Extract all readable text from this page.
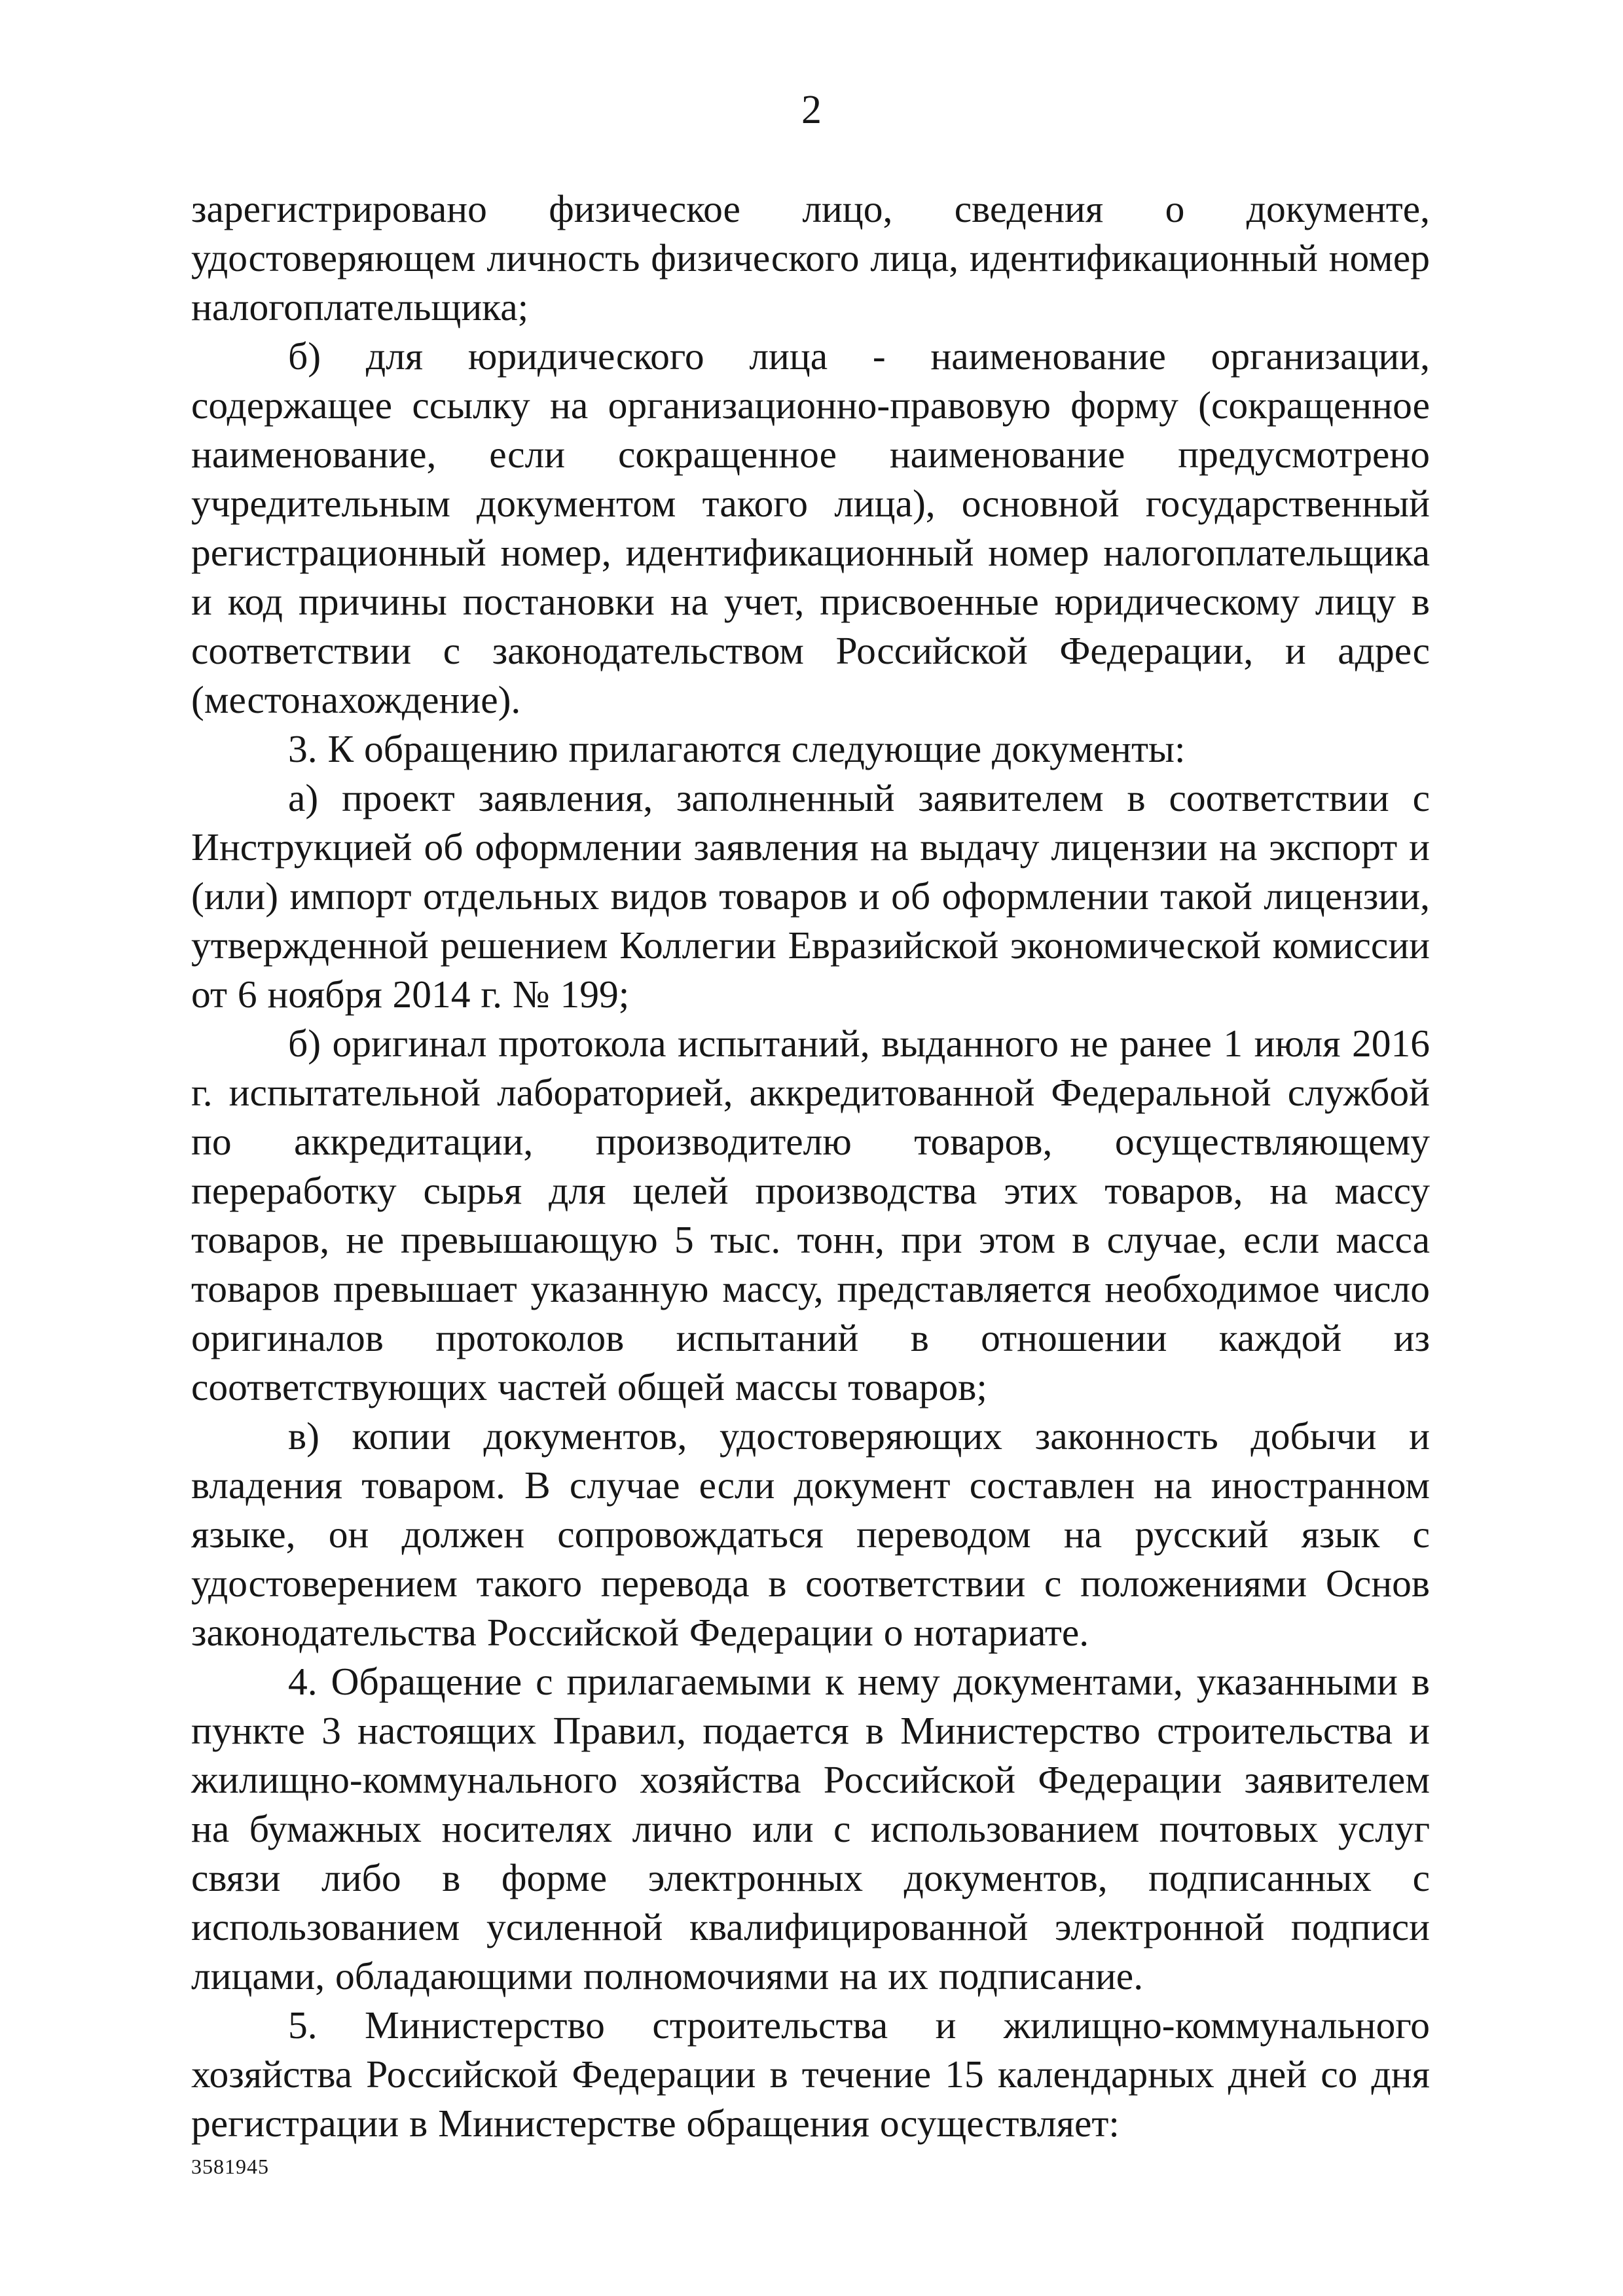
2

зарегистрировано физическое лицо, сведения о документе, удостоверяющем личность физического лица, идентификационный номер налогоплательщика;

б) для юридического лица - наименование организации, содержащее ссылку на организационно-правовую форму (сокращенное наименование, если сокращенное наименование предусмотрено учредительным документом такого лица), основной государственный регистрационный номер, идентификационный номер налогоплательщика и код причины постановки на учет, присвоенные юридическому лицу в соответствии с законодательством Российской Федерации, и адрес (местонахождение).

3. К обращению прилагаются следующие документы:

а) проект заявления, заполненный заявителем в соответствии с Инструкцией об оформлении заявления на выдачу лицензии на экспорт и (или) импорт отдельных видов товаров и об оформлении такой лицензии, утвержденной решением Коллегии Евразийской экономической комиссии от 6 ноября 2014 г. № 199;

б) оригинал протокола испытаний, выданного не ранее 1 июля 2016 г. испытательной лабораторией, аккредитованной Федеральной службой по аккредитации, производителю товаров, осуществляющему переработку сырья для целей производства этих товаров, на массу товаров, не превышающую 5 тыс. тонн, при этом в случае, если масса товаров превышает указанную массу, представляется необходимое число оригиналов протоколов испытаний в отношении каждой из соответствующих частей общей массы товаров;

в) копии документов, удостоверяющих законность добычи и владения товаром. В случае если документ составлен на иностранном языке, он должен сопровождаться переводом на русский язык с удостоверением такого перевода в соответствии с положениями Основ законодательства Российской Федерации о нотариате.

4. Обращение с прилагаемыми к нему документами, указанными в пункте 3 настоящих Правил, подается в Министерство строительства и жилищно-коммунального хозяйства Российской Федерации заявителем на бумажных носителях лично или с использованием почтовых услуг связи либо в форме электронных документов, подписанных с использованием усиленной квалифицированной электронной подписи лицами, обладающими полномочиями на их подписание.

5. Министерство строительства и жилищно-коммунального хозяйства Российской Федерации в течение 15 календарных дней со дня регистрации в Министерстве обращения осуществляет:

3581945
